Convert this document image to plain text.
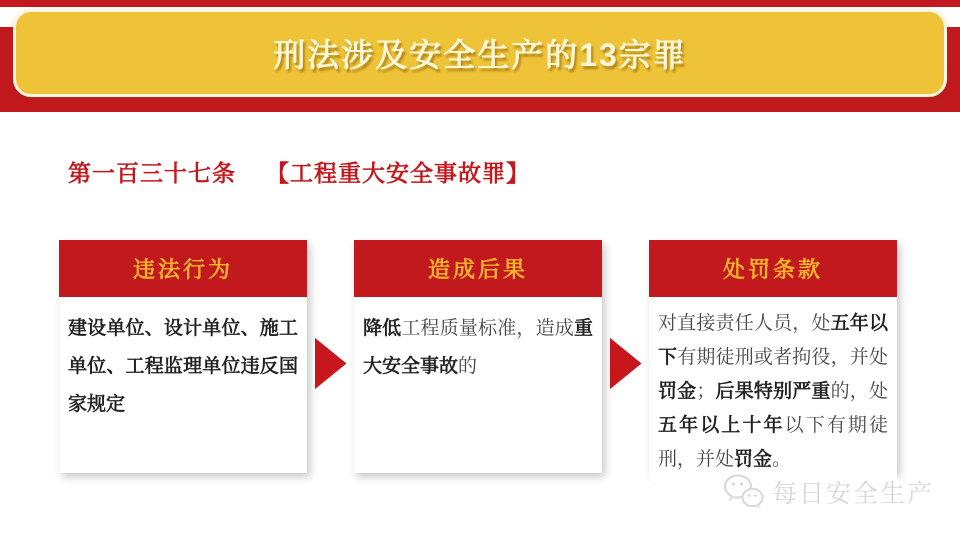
刑法涉及安全生产的13宗罪
第一百三十七条 【工程重大安全事故罪】
违法行为
建设单位、设计单位、施工单位、工程监理单位违反国家规定
造成后果
降低工程质量标准，造成重大安全事故的
处罚条款
对直接责任人员，处五年以下有期徒刑或者拘役，并处罚金；后果特别严重的，处五年以上十年以下有期徒刑，并处罚金。
每日安全生产
